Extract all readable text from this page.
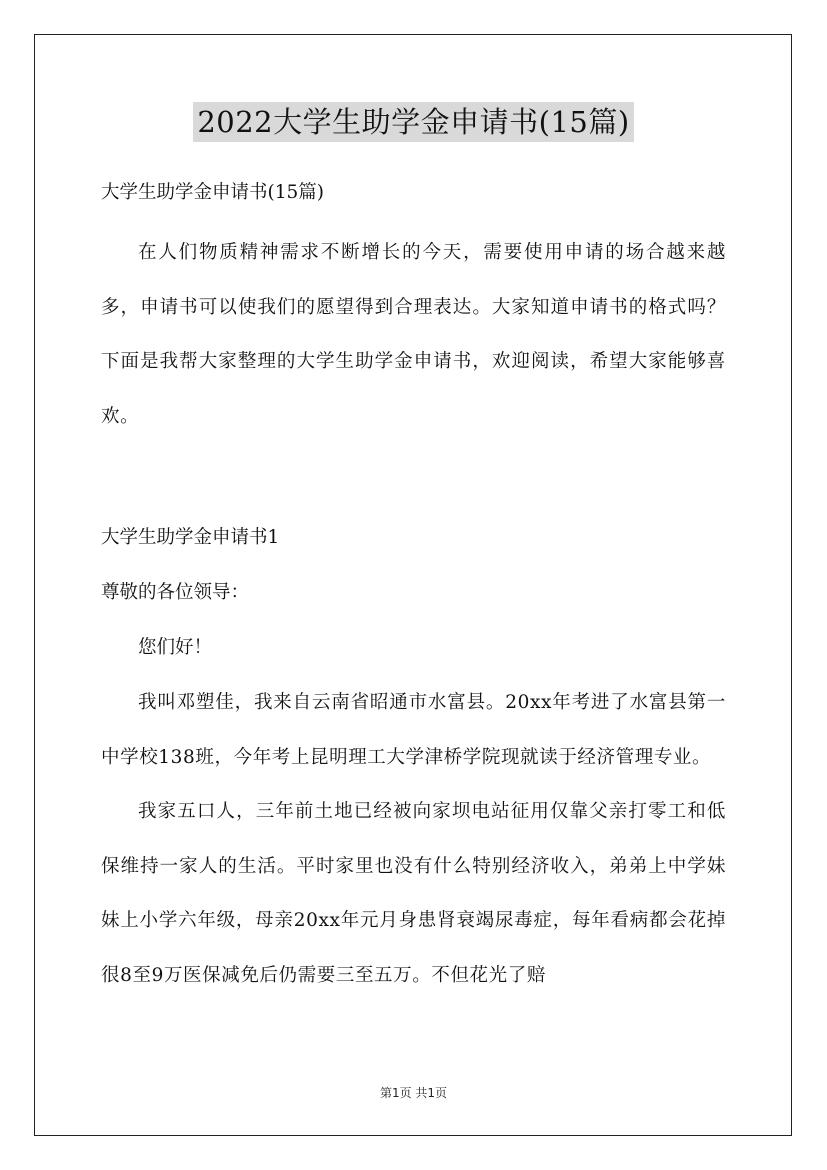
2022大学生助学金申请书(15篇)
大学生助学金申请书(15篇)
在人们物质精神需求不断增长的今天，需要使用申请的场合越来越多，申请书可以使我们的愿望得到合理表达。大家知道申请书的格式吗？下面是我帮大家整理的大学生助学金申请书，欢迎阅读，希望大家能够喜欢。
大学生助学金申请书1
尊敬的各位领导：
您们好！
我叫邓塑佳，我来自云南省昭通市水富县。20xx年考进了水富县第一中学校138班，今年考上昆明理工大学津桥学院现就读于经济管理专业。
我家五口人，三年前土地已经被向家坝电站征用仅靠父亲打零工和低保维持一家人的生活。平时家里也没有什么特别经济收入，弟弟上中学妹妹上小学六年级，母亲20xx年元月身患肾衰竭尿毒症，每年看病都会花掉很8至9万医保减免后仍需要三至五万。不但花光了赔
第1页 共1页
